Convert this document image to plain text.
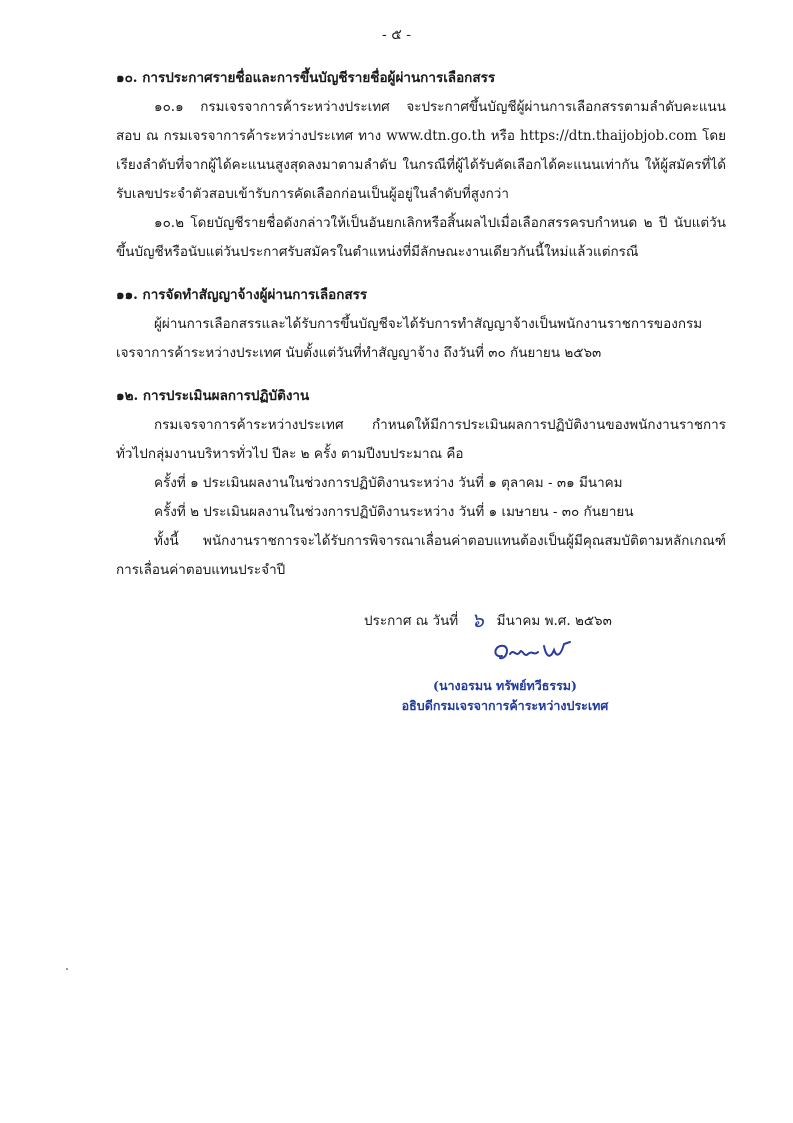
- ๕ -

๑๐. การประกาศรายชื่อและการขึ้นบัญชีรายชื่อผู้ผ่านการเลือกสรร

๑๐.๑ กรมเจรจาการค้าระหว่างประเทศ จะประกาศขึ้นบัญชีผู้ผ่านการเลือกสรรตามลำดับคะแนนสอบ ณ กรมเจรจาการค้าระหว่างประเทศ ทาง www.dtn.go.th หรือ https://dtn.thaijobjob.com โดยเรียงลำดับที่จากผู้ได้คะแนนสูงสุดลงมาตามลำดับ ในกรณีที่ผู้ได้รับคัดเลือกได้คะแนนเท่ากัน ให้ผู้สมัครที่ได้รับเลขประจำตัวสอบเข้ารับการคัดเลือกก่อนเป็นผู้อยู่ในลำดับที่สูงกว่า

๑๐.๒ โดยบัญชีรายชื่อดังกล่าวให้เป็นอันยกเลิกหรือสิ้นผลไปเมื่อเลือกสรรครบกำหนด ๒ ปี นับแต่วันขึ้นบัญชีหรือนับแต่วันประกาศรับสมัครในตำแหน่งที่มีลักษณะงานเดียวกันนี้ใหม่แล้วแต่กรณี

๑๑. การจัดทำสัญญาจ้างผู้ผ่านการเลือกสรร

ผู้ผ่านการเลือกสรรและได้รับการขึ้นบัญชีจะได้รับการทำสัญญาจ้างเป็นพนักงานราชการของกรมเจรจาการค้าระหว่างประเทศ นับตั้งแต่วันที่ทำสัญญาจ้าง ถึงวันที่ ๓๐ กันยายน ๒๕๖๓

๑๒. การประเมินผลการปฏิบัติงาน

กรมเจรจาการค้าระหว่างประเทศ กำหนดให้มีการประเมินผลการปฏิบัติงานของพนักงานราชการทั่วไปกลุ่มงานบริหารทั่วไป ปีละ ๒ ครั้ง ตามปีงบประมาณ คือ

ครั้งที่ ๑ ประเมินผลงานในช่วงการปฏิบัติงานระหว่าง วันที่ ๑ ตุลาคม - ๓๑ มีนาคม

ครั้งที่ ๒ ประเมินผลงานในช่วงการปฏิบัติงานระหว่าง วันที่ ๑ เมษายน - ๓๐ กันยายน

ทั้งนี้ พนักงานราชการจะได้รับการพิจารณาเลื่อนค่าตอบแทนต้องเป็นผู้มีคุณสมบัติตามหลักเกณฑ์การเลื่อนค่าตอบแทนประจำปี

ประกาศ ณ วันที่ ๖ มีนาคม พ.ศ. ๒๕๖๓
(นางอรมน ทรัพย์ทวีธรรม)
อธิบดีกรมเจรจาการค้าระหว่างประเทศ
